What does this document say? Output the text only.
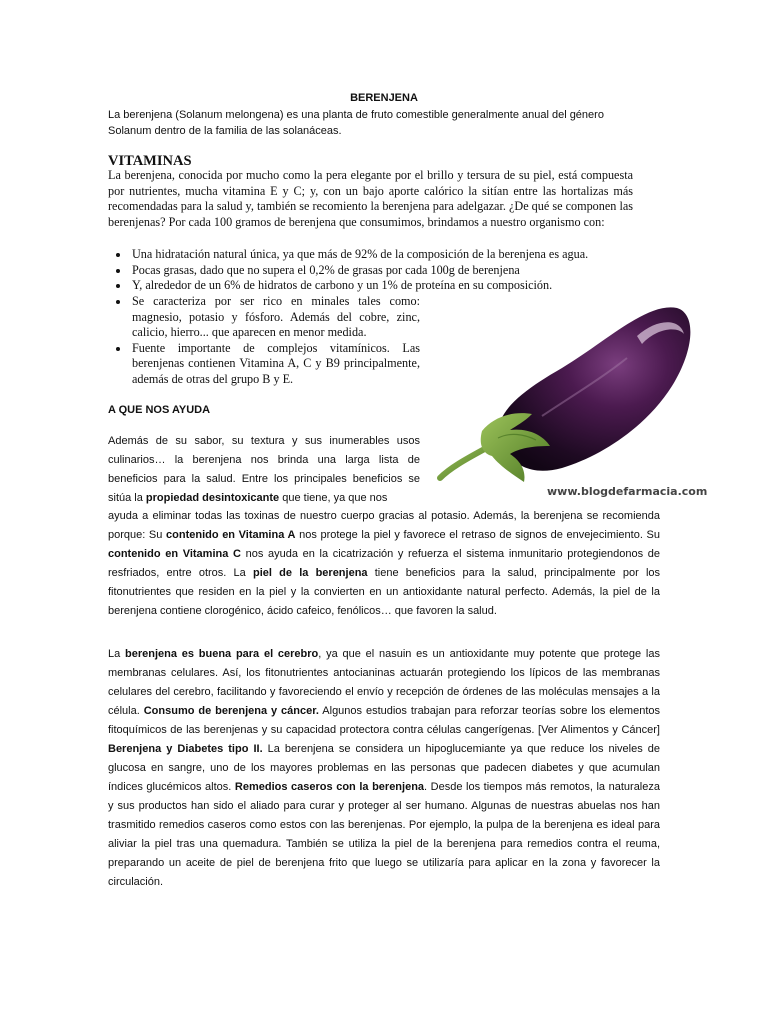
BERENJENA
La berenjena (Solanum melongena) es una planta de fruto comestible generalmente anual del género Solanum dentro de la familia de las solanáceas.
VITAMINAS
La berenjena, conocida por mucho como la pera elegante por el brillo y tersura de su piel, está compuesta por nutrientes, mucha vitamina E y C; y, con un bajo aporte calórico la sitían entre las hortalizas más recomendadas para la salud y, también se recomiento la berenjena para adelgazar. ¿De qué se componen las berenjenas? Por cada 100 gramos de berenjena que consumimos, brindamos a nuestro organismo con:
• Una hidratación natural única, ya que más de 92% de la composición de la berenjena es agua.
• Pocas grasas, dado que no supera el 0,2% de grasas por cada 100g de berenjena
• Y, alrededor de un 6% de hidratos de carbono y un 1% de proteína en su composición.
• Se caracteriza por ser rico en minales tales como: magnesio, potasio y fósforo. Además del cobre, zinc, calicio, hierro... que aparecen en menor medida.
• Fuente importante de complejos vitamínicos. Las berenjenas contienen Vitamina A, C y B9 principalmente, además de otras del grupo B y E.
A QUE NOS AYUDA
Además de su sabor, su textura y sus inumerables usos culinarios… la berenjena nos brinda una larga lista de beneficios para la salud. Entre los principales beneficios se sitúa la propiedad desintoxicante que tiene, ya que nos
ayuda a eliminar todas las toxinas de nuestro cuerpo gracias al potasio. Además, la berenjena se recomienda porque: Su contenido en Vitamina A nos protege la piel y favorece el retraso de signos de envejecimiento. Su contenido en Vitamina C nos ayuda en la cicatrización y refuerza el sistema inmunitario protegiendonos de resfriados, entre otros. La piel de la berenjena tiene beneficios para la salud, principalmente por los fitonutrientes que residen en la piel y la convierten en un antioxidante natural perfecto. Además, la piel de la berenjena contiene clorogénico, ácido cafeico, fenólicos… que favoren la salud.
La berenjena es buena para el cerebro, ya que el nasuin es un antioxidante muy potente que protege las membranas celulares. Así, los fitonutrientes antocianinas actuarán protegiendo los lípicos de las membranas celulares del cerebro, facilitando y favoreciendo el envío y recepción de órdenes de las moléculas mensajes a la célula. Consumo de berenjena y cáncer. Algunos estudios trabajan para reforzar teorías sobre los elementos fitoquímicos de las berenjenas y su capacidad protectora contra células cangerígenas. [Ver Alimentos y Cáncer] Berenjena y Diabetes tipo II. La berenjena se considera un hipoglucemiante ya que reduce los niveles de glucosa en sangre, uno de los mayores problemas en las personas que padecen diabetes y que acumulan índices glucémicos altos. Remedios caseros con la berenjena. Desde los tiempos más remotos, la naturaleza y sus productos han sido el aliado para curar y proteger al ser humano. Algunas de nuestras abuelas nos han trasmitido remedios caseros como estos con las berenjenas. Por ejemplo, la pulpa de la berenjena es ideal para aliviar la piel tras una quemadura. También se utiliza la piel de la berenjena para remedios contra el reuma, preparando un aceite de piel de berenjena frito que luego se utilizaría para aplicar en la zona y favorecer la circulación.
www.blogdefarmacia.com
